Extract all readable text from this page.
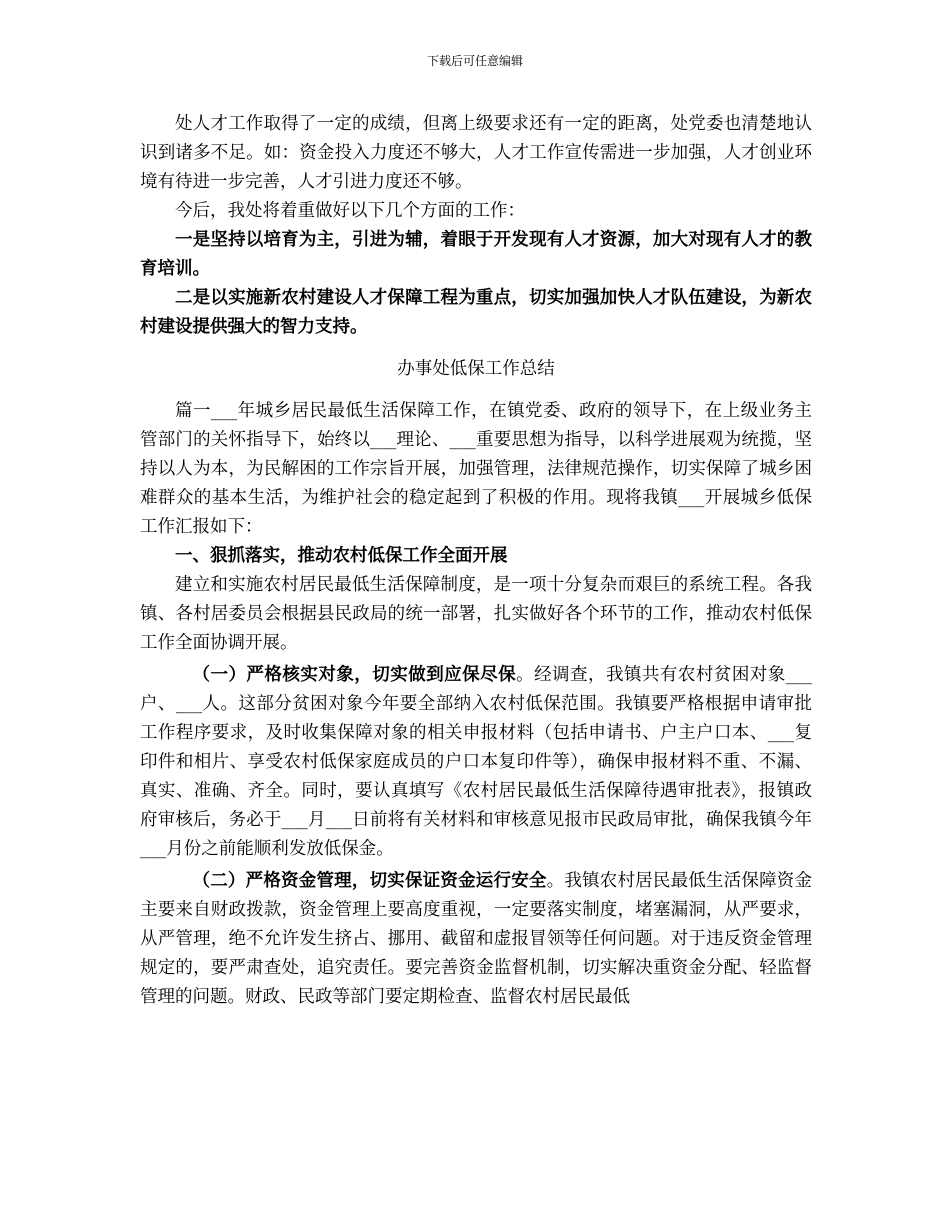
下载后可任意编辑

处人才工作取得了一定的成绩，但离上级要求还有一定的距离，处党委也清楚地认识到诸多不足。如：资金投入力度还不够大，人才工作宣传需进一步加强，人才创业环境有待进一步完善，人才引进力度还不够。

今后，我处将着重做好以下几个方面的工作：

一是坚持以培育为主，引进为辅，着眼于开发现有人才资源，加大对现有人才的教育培训。

二是以实施新农村建设人才保障工程为重点，切实加强加快人才队伍建设，为新农村建设提供强大的智力支持。

办事处低保工作总结

篇一___年城乡居民最低生活保障工作，在镇党委、政府的领导下，在上级业务主管部门的关怀指导下，始终以___理论、___重要思想为指导，以科学进展观为统揽，坚持以人为本，为民解困的工作宗旨开展，加强管理，法律规范操作，切实保障了城乡困难群众的基本生活，为维护社会的稳定起到了积极的作用。现将我镇___开展城乡低保工作汇报如下：

一、狠抓落实，推动农村低保工作全面开展

建立和实施农村居民最低生活保障制度，是一项十分复杂而艰巨的系统工程。各我镇、各村居委员会根据县民政局的统一部署，扎实做好各个环节的工作，推动农村低保工作全面协调开展。

（一）严格核实对象，切实做到应保尽保。经调查，我镇共有农村贫困对象___户、___人。这部分贫困对象今年要全部纳入农村低保范围。我镇要严格根据申请审批工作程序要求，及时收集保障对象的相关申报材料（包括申请书、户主户口本、___复印件和相片、享受农村低保家庭成员的户口本复印件等），确保申报材料不重、不漏、真实、准确、齐全。同时，要认真填写《农村居民最低生活保障待遇审批表》，报镇政府审核后，务必于___月___日前将有关材料和审核意见报市民政局审批，确保我镇今年___月份之前能顺利发放低保金。

（二）严格资金管理，切实保证资金运行安全。我镇农村居民最低生活保障资金主要来自财政拨款，资金管理上要高度重视，一定要落实制度，堵塞漏洞，从严要求，从严管理，绝不允许发生挤占、挪用、截留和虚报冒领等任何问题。对于违反资金管理规定的，要严肃查处，追究责任。要完善资金监督机制，切实解决重资金分配、轻监督管理的问题。财政、民政等部门要定期检查、监督农村居民最低
